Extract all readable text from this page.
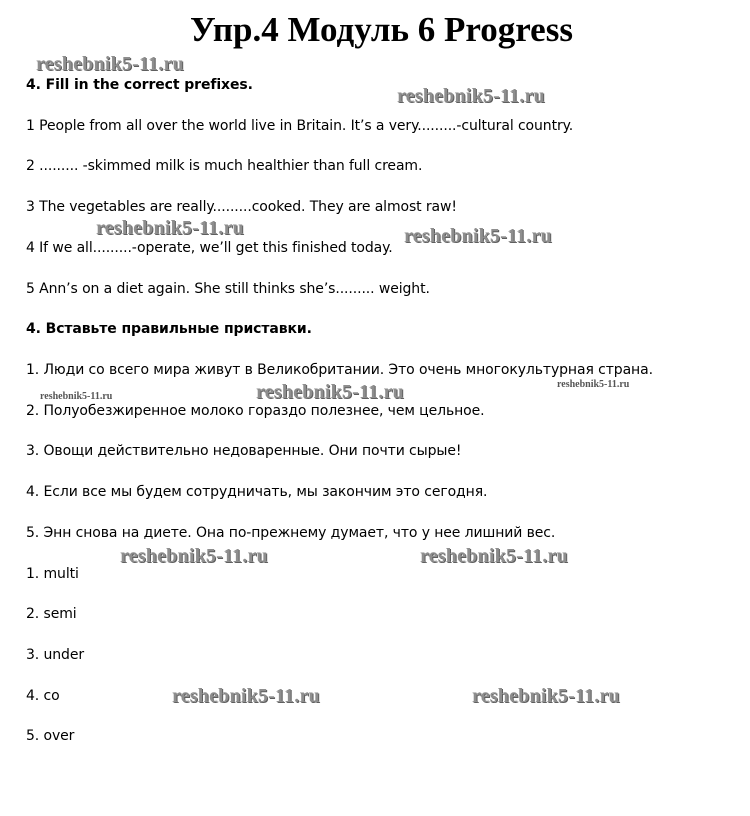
Упр.4 Модуль 6 Progress
reshebnik5-11.ru
4. Fill in the correct prefixes.	reshebnik5-11.ru
1 People from all over the world live in Britain. It’s a very.........-cultural country.
2 ......... -skimmed milk is much healthier than full cream.
3 The vegetables are really.........cooked. They are almost raw!
reshebnik5-11.ru
4 If we all.........-operate, we’ll get this finished today.
reshebnik5-11.ru
5 Ann’s on a diet again. She still thinks she’s......... weight.
4. Вставьте правильные приставки.
1. Люди со всего мира живут в Великобритании. Это очень многокультурная страна.
reshebnik5-11.ru	reshebnik5-11.ru
reshebnik5-11.ru
2. Полуобезжиренное молоко гораздо полезнее, чем цельное.
3. Овощи действительно недоваренные. Они почти сырые!
4. Если все мы будем сотрудничать, мы закончим это сегодня.
5. Энн снова на диете. Она по-прежнему думает, что у нее лишний вес.
reshebnik5-11.ru	reshebnik5-11.ru
1. multi
2. semi
3. under
4. co	reshebnik5-11.ru	reshebnik5-11.ru
5. over
